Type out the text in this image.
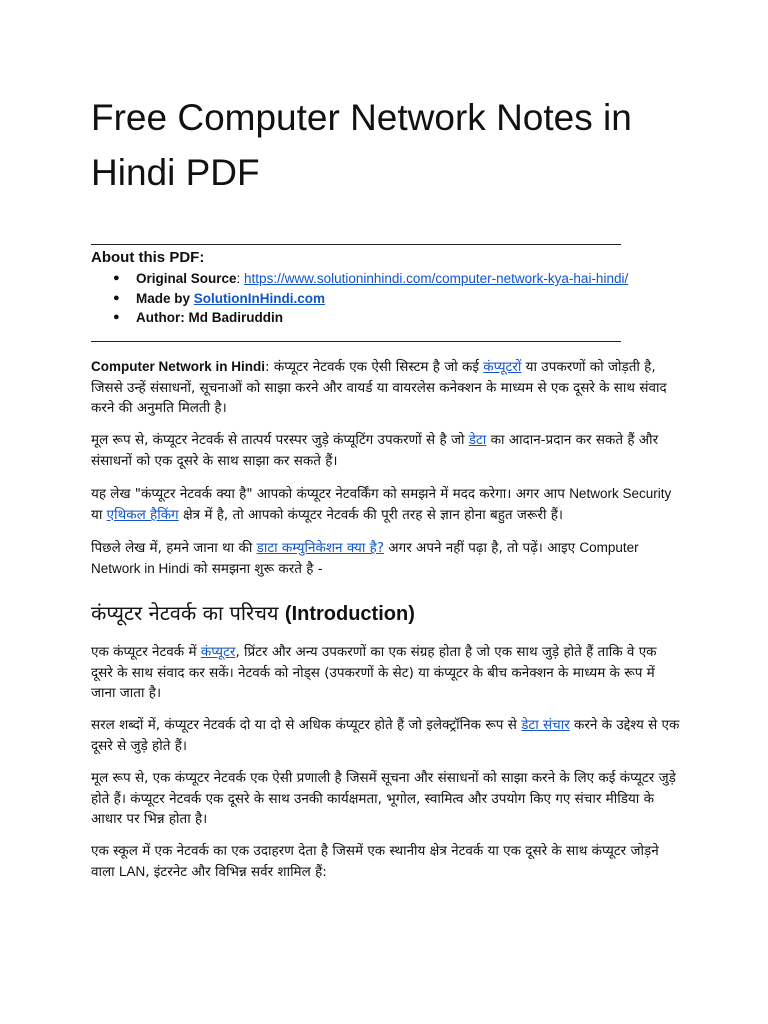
Free Computer Network Notes in Hindi PDF
About this PDF:
● Original Source: https://www.solutioninhindi.com/computer-network-kya-hai-hindi/
● Made by SolutionInHindi.com
● Author: Md Badiruddin

Computer Network in Hindi: कंप्यूटर नेटवर्क एक ऐसी सिस्टम है जो कई कंप्यूटरों या उपकरणों को जोड़ती है, जिससे उन्हें संसाधनों, सूचनाओं को साझा करने और वायर्ड या वायरलेस कनेक्शन के माध्यम से एक दूसरे के साथ संवाद करने की अनुमति मिलती है।

मूल रूप से, कंप्यूटर नेटवर्क से तात्पर्य परस्पर जुड़े कंप्यूटिंग उपकरणों से है जो डेटा का आदान-प्रदान कर सकते हैं और संसाधनों को एक दूसरे के साथ साझा कर सकते हैं।

यह लेख "कंप्यूटर नेटवर्क क्या है" आपको कंप्यूटर नेटवर्किंग को समझने में मदद करेगा। अगर आप Network Security या एथिकल हैकिंग क्षेत्र में है, तो आपको कंप्यूटर नेटवर्क की पूरी तरह से ज्ञान होना बहुत जरूरी हैं।

पिछले लेख में, हमने जाना था की डाटा कम्युनिकेशन क्या है? अगर अपने नहीं पढ़ा है, तो पढ़ें। आइए Computer Network in Hindi को समझना शुरू करते है -

कंप्यूटर नेटवर्क का परिचय (Introduction)

एक कंप्यूटर नेटवर्क में कंप्यूटर, प्रिंटर और अन्य उपकरणों का एक संग्रह होता है जो एक साथ जुड़े होते हैं ताकि वे एक दूसरे के साथ संवाद कर सकें। नेटवर्क को नोड्स (उपकरणों के सेट) या कंप्यूटर के बीच कनेक्शन के माध्यम के रूप में जाना जाता है।

सरल शब्दों में, कंप्यूटर नेटवर्क दो या दो से अधिक कंप्यूटर होते हैं जो इलेक्ट्रॉनिक रूप से डेटा संचार करने के उद्देश्य से एक दूसरे से जुड़े होते हैं।

मूल रूप से, एक कंप्यूटर नेटवर्क एक ऐसी प्रणाली है जिसमें सूचना और संसाधनों को साझा करने के लिए कई कंप्यूटर जुड़े होते हैं। कंप्यूटर नेटवर्क एक दूसरे के साथ उनकी कार्यक्षमता, भूगोल, स्वामित्व और उपयोग किए गए संचार मीडिया के आधार पर भिन्न होता है।

एक स्कूल में एक नेटवर्क का एक उदाहरण देता है जिसमें एक स्थानीय क्षेत्र नेटवर्क या एक दूसरे के साथ कंप्यूटर जोड़ने वाला LAN, इंटरनेट और विभिन्न सर्वर शामिल हैं:
